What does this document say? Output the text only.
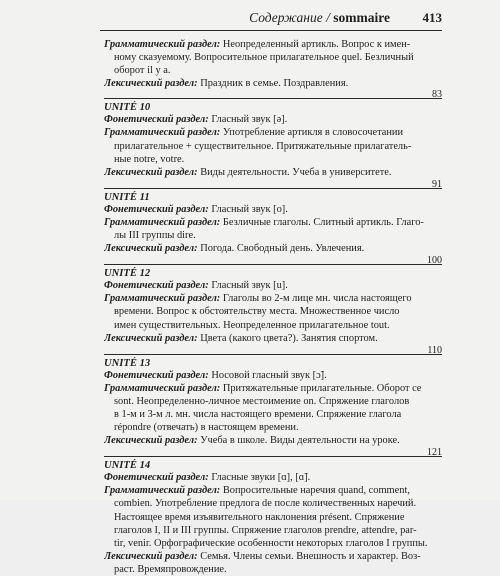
Содержание / sommaire	413
Грамматический раздел: Неопределенный артикль. Вопрос к имен-
ному сказуемому. Вопросительное прилагательное quel. Безличный
оборот il y a.
Лексический раздел: Праздник в семье. Поздравления.
UNITÉ 10
83
Фонетический раздел: Гласный звук [ə].
Грамматический раздел: Употребление артикля в словосочетании
прилагательное + существительное. Притяжательные прилагатель-
ные notre, votre.
Лексический раздел: Виды деятельности. Учеба в университете.
UNITÉ 11
91
Фонетический раздел: Гласный звук [o].
Грамматический раздел: Безличные глаголы. Слитный артикль. Глаго-
лы III группы dire.
Лексический раздел: Погода. Свободный день. Увлечения.
UNITÉ 12
100
Фонетический раздел: Гласный звук [u].
Грамматический раздел: Глаголы во 2-м лице мн. числа настоящего
времени. Вопрос к обстоятельству места. Множественное число
имен существительных. Неопределенное прилагательное tout.
Лексический раздел: Цвета (какого цвета?). Занятия спортом.
UNITÉ 13
110
Фонетический раздел: Носовой гласный звук [ɔ̃].
Грамматический раздел: Притяжательные прилагательные. Оборот ce
sont. Неопределенно-личное местоимение on. Спряжение глаголов
в 1-м и 3-м л. мн. числа настоящего времени. Спряжение глагола
répondre (отвечать) в настоящем времени.
Лексический раздел: Учеба в школе. Виды деятельности на уроке.
UNITÉ 14
121
Фонетический раздел: Гласные звуки [ɑ], [ɑ̃].
Грамматический раздел: Вопросительные наречия quand, comment,
combien. Употребление предлога de после количественных наречий.
Настоящее время изъявительного наклонения présent. Спряжение
глаголов I, II и III группы. Спряжение глаголов prendre, attendre, par-
tir, venir. Орфографические особенности некоторых глаголов I группы.
Лексический раздел: Семья. Члены семьи. Внешность и характер. Воз-
раст. Времяпровождение.
